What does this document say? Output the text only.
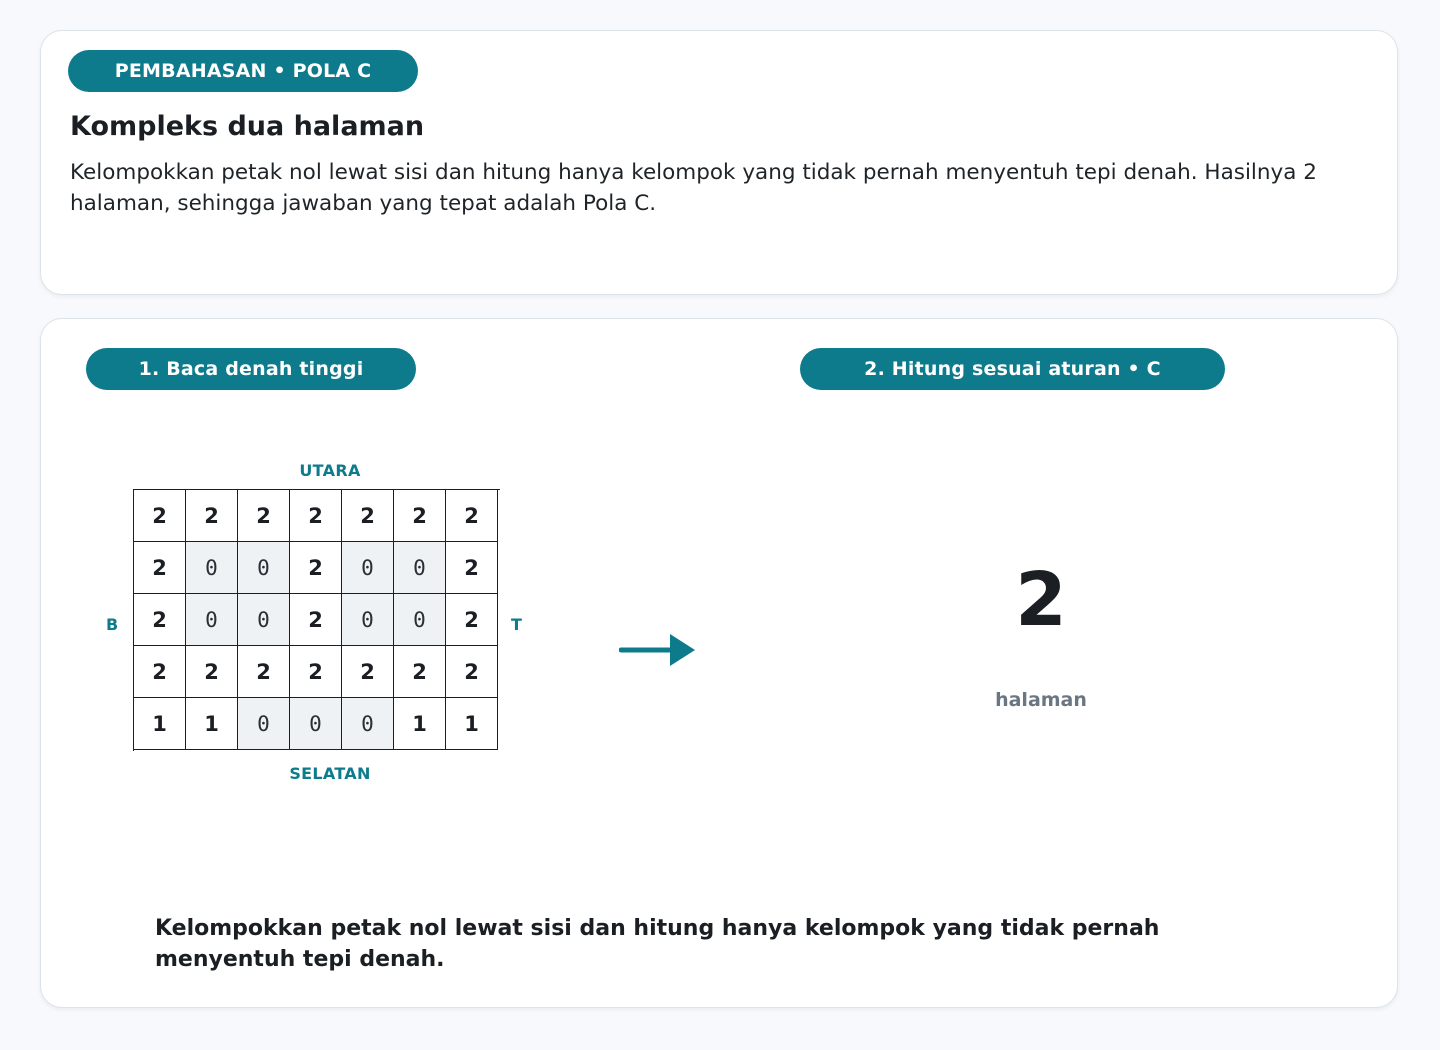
PEMBAHASAN • POLA C
Kompleks dua halaman
Kelompokkan petak nol lewat sisi dan hitung hanya kelompok yang tidak pernah menyentuh tepi denah. Hasilnya 2 halaman, sehingga jawaban yang tepat adalah Pola C.
1. Baca denah tinggi	2. Hitung sesuai aturan • C
UTARA
SELATAN
B	T
2	2	2	2	2	2	2
2	0	0	2	0	0	2
2	0	0	2	0	0	2
2	2	2	2	2	2	2
1	1	0	0	0	1	1
2
halaman
Kelompokkan petak nol lewat sisi dan hitung hanya kelompok yang tidak pernah menyentuh tepi denah.
